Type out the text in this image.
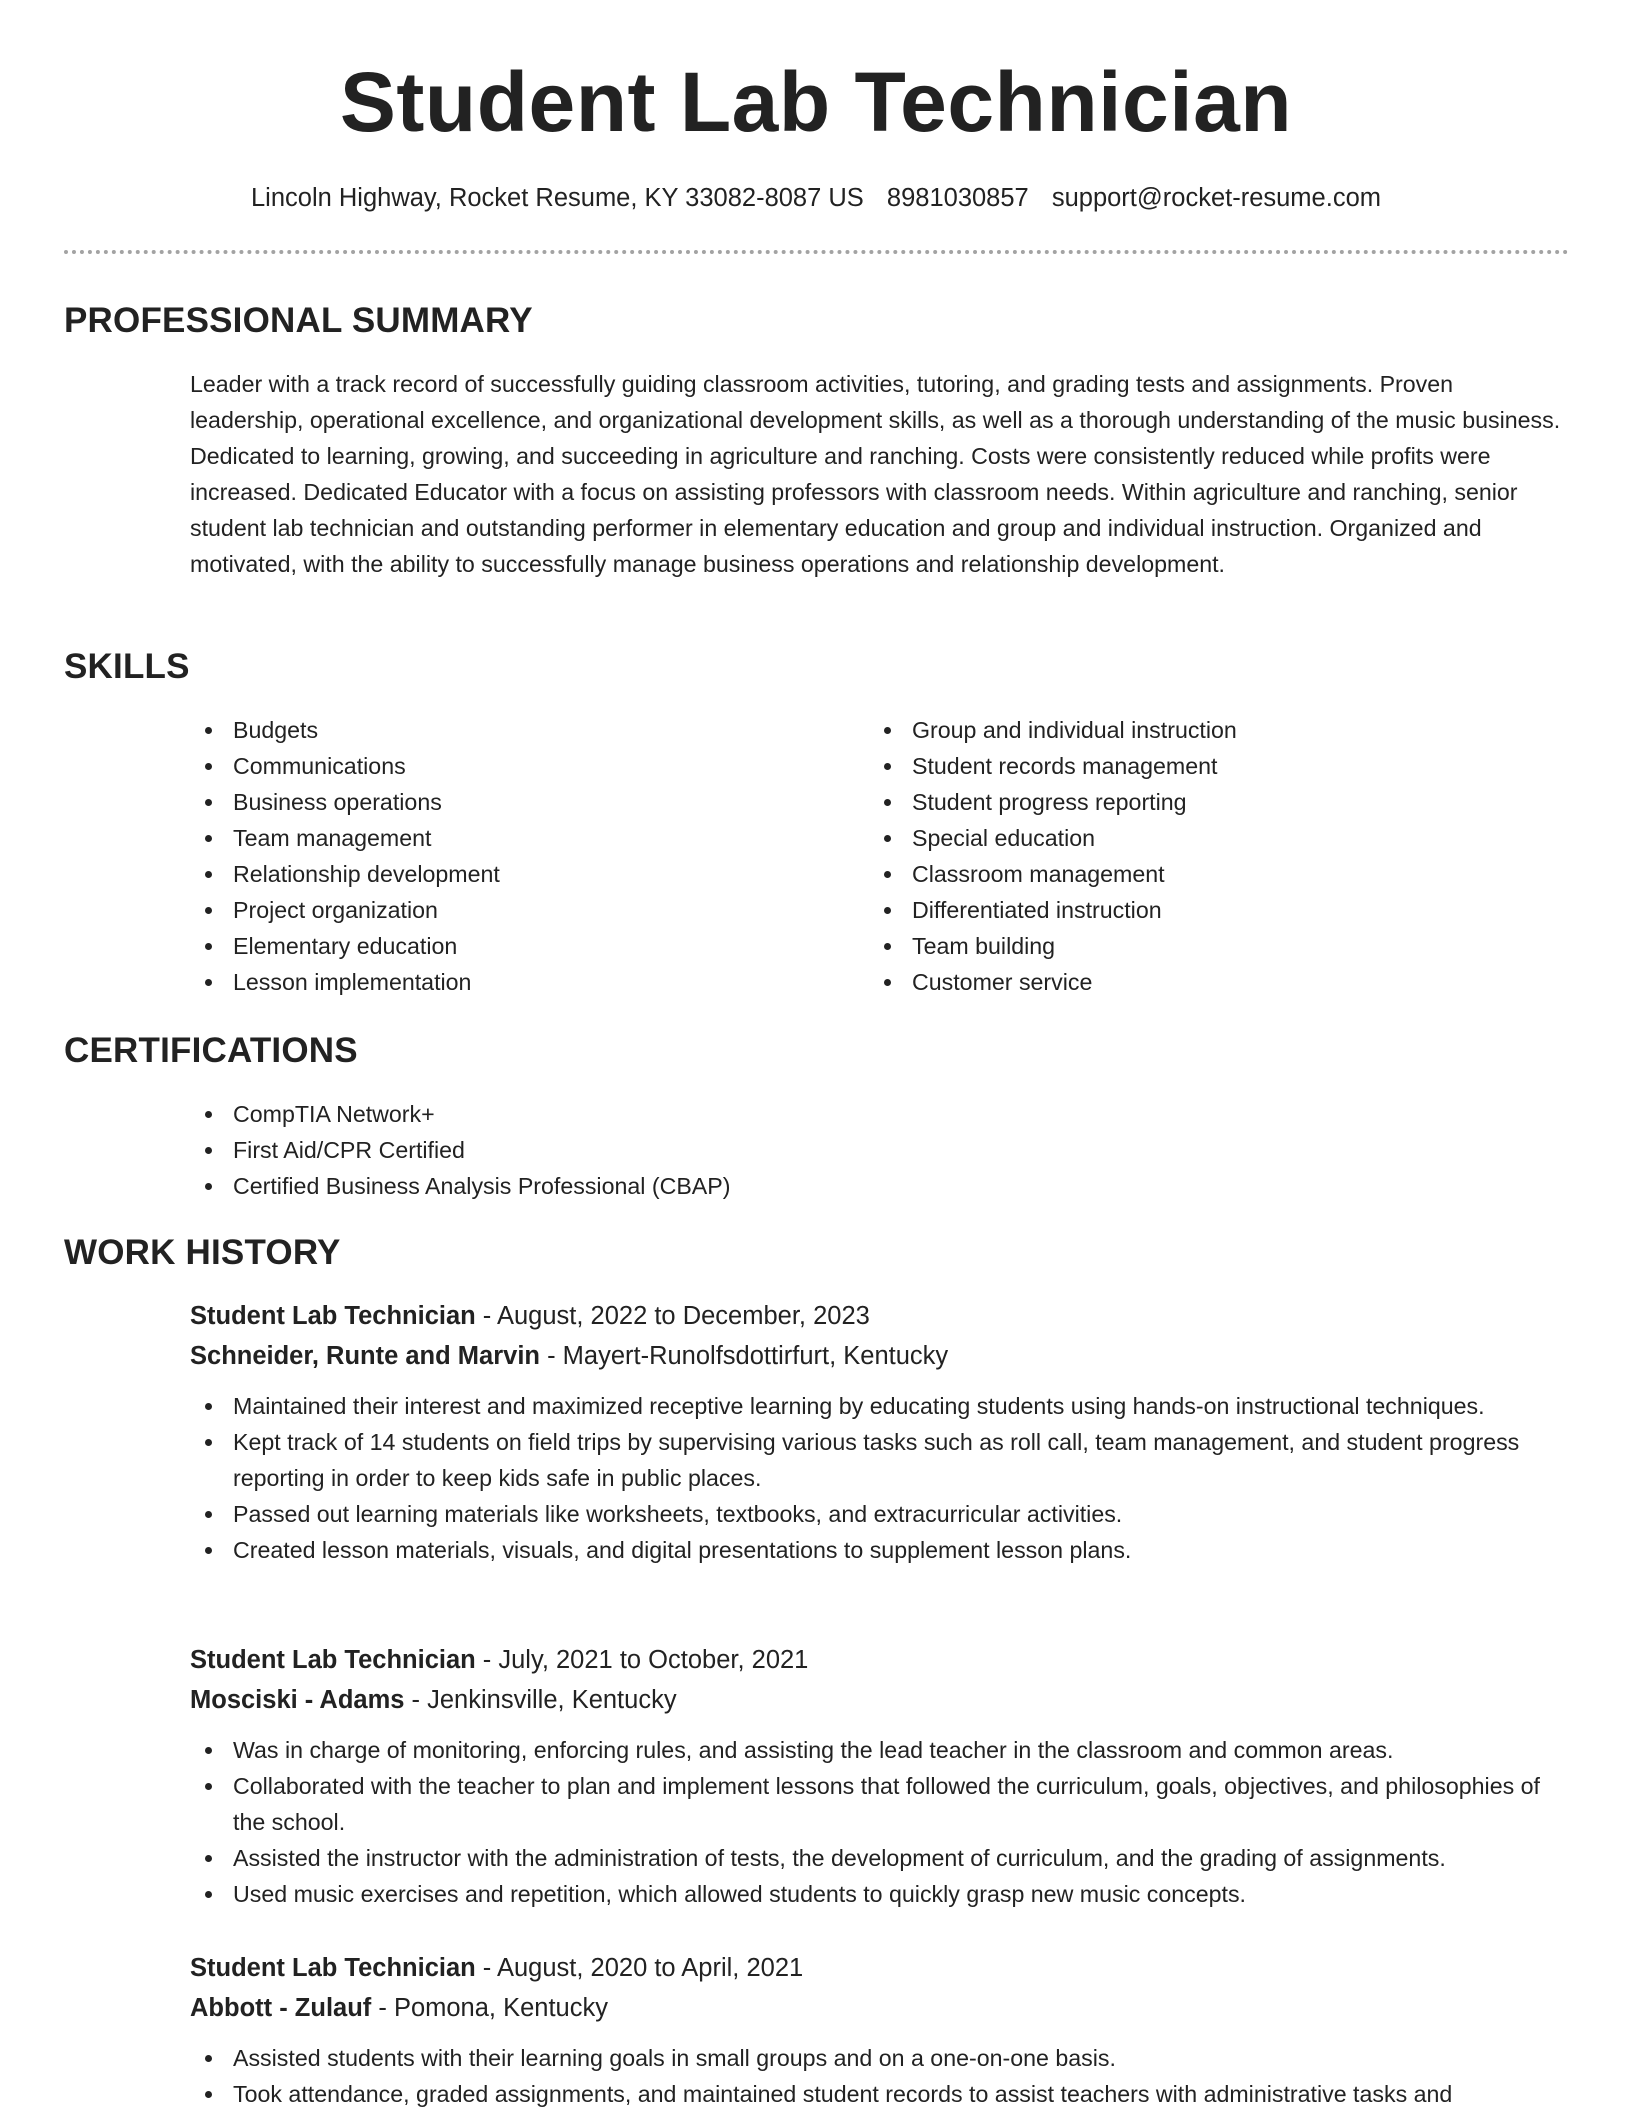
Student Lab Technician
Lincoln Highway, Rocket Resume, KY 33082-8087 US 8981030857 support@rocket-resume.com
PROFESSIONAL SUMMARY
Leader with a track record of successfully guiding classroom activities, tutoring, and grading tests and assignments. Proven leadership, operational excellence, and organizational development skills, as well as a thorough understanding of the music business. Dedicated to learning, growing, and succeeding in agriculture and ranching. Costs were consistently reduced while profits were increased. Dedicated Educator with a focus on assisting professors with classroom needs. Within agriculture and ranching, senior student lab technician and outstanding performer in elementary education and group and individual instruction. Organized and motivated, with the ability to successfully manage business operations and relationship development.
SKILLS
Budgets
Communications
Business operations
Team management
Relationship development
Project organization
Elementary education
Lesson implementation
Group and individual instruction
Student records management
Student progress reporting
Special education
Classroom management
Differentiated instruction
Team building
Customer service
CERTIFICATIONS
CompTIA Network+
First Aid/CPR Certified
Certified Business Analysis Professional (CBAP)
WORK HISTORY
Student Lab Technician - August, 2022 to December, 2023
Schneider, Runte and Marvin - Mayert-Runolfsdottirfurt, Kentucky
Maintained their interest and maximized receptive learning by educating students using hands-on instructional techniques.
Kept track of 14 students on field trips by supervising various tasks such as roll call, team management, and student progress reporting in order to keep kids safe in public places.
Passed out learning materials like worksheets, textbooks, and extracurricular activities.
Created lesson materials, visuals, and digital presentations to supplement lesson plans.
Student Lab Technician - July, 2021 to October, 2021
Mosciski - Adams - Jenkinsville, Kentucky
Was in charge of monitoring, enforcing rules, and assisting the lead teacher in the classroom and common areas.
Collaborated with the teacher to plan and implement lessons that followed the curriculum, goals, objectives, and philosophies of the school.
Assisted the instructor with the administration of tests, the development of curriculum, and the grading of assignments.
Used music exercises and repetition, which allowed students to quickly grasp new music concepts.
Student Lab Technician - August, 2020 to April, 2021
Abbott - Zulauf - Pomona, Kentucky
Assisted students with their learning goals in small groups and on a one-on-one basis.
Took attendance, graded assignments, and maintained student records to assist teachers with administrative tasks and
